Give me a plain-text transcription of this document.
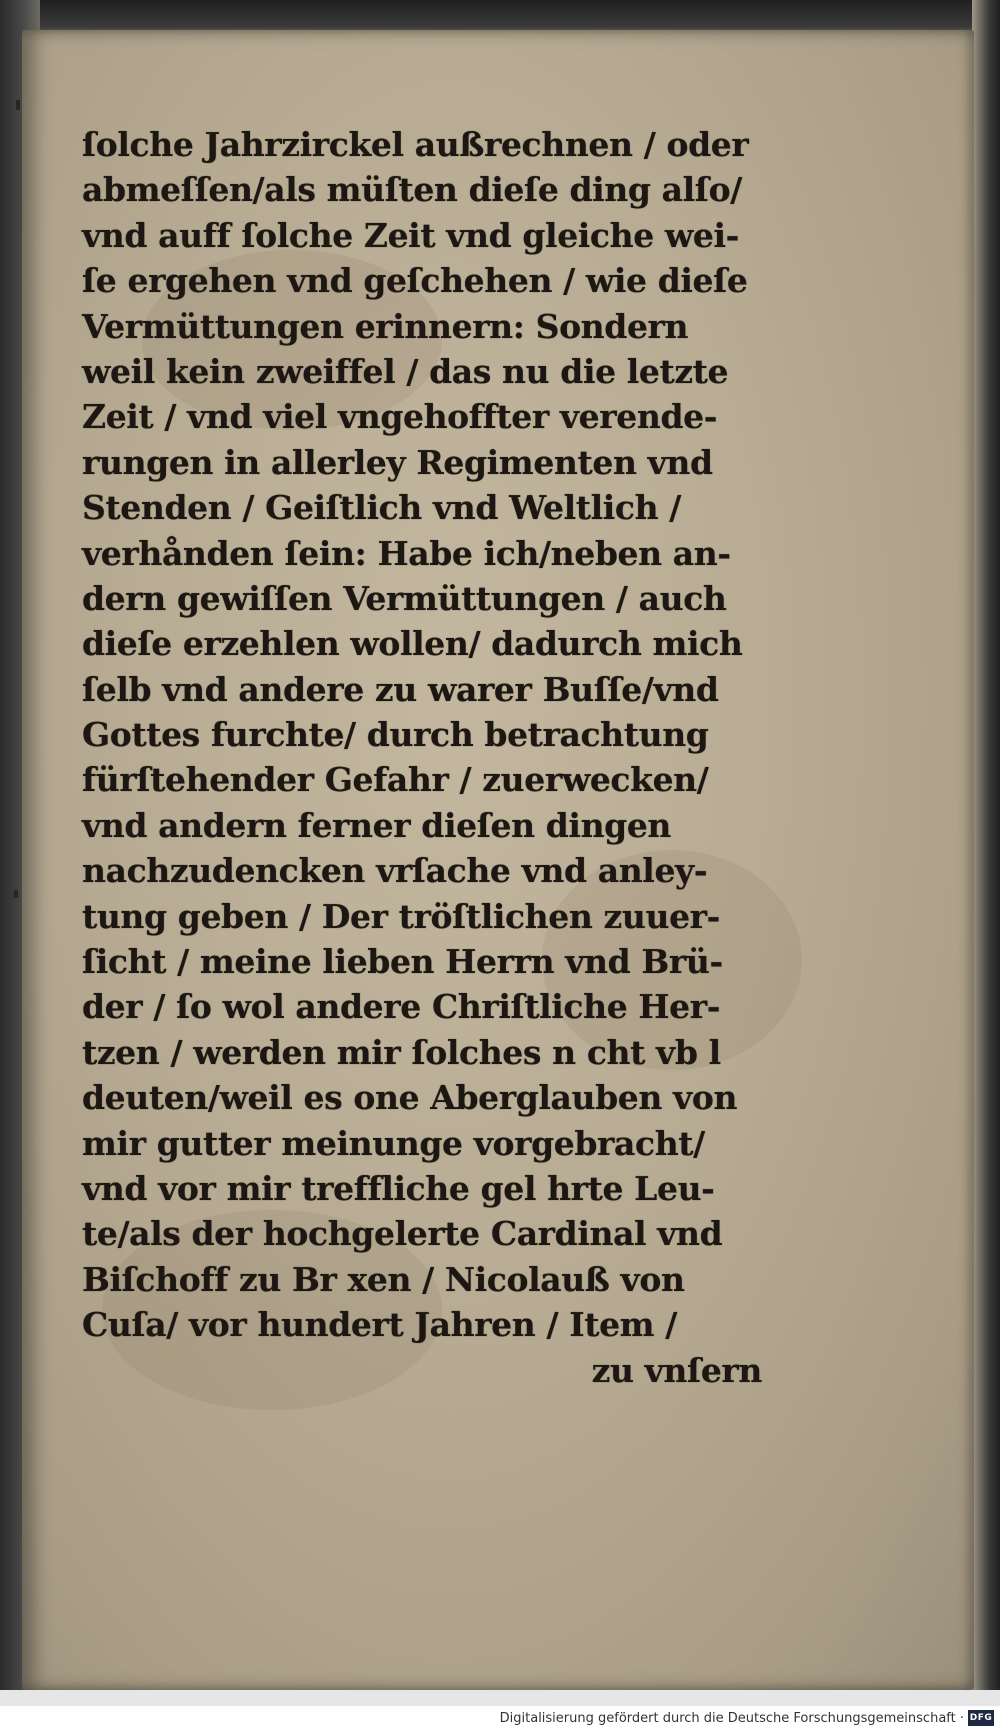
ſolche Jahrzirckel außrechnen / oder
abmeſſen/als müſten dieſe ding alſo/
vnd auff ſolche Zeit vnd gleiche wei-
ſe ergehen vnd geſchehen / wie dieſe
Vermüttungen erinnern: Sondern
weil kein zweiffel / das nu die letzte
Zeit / vnd viel vngehoffter verende-
rungen in allerley Regimenten vnd
Stenden / Geiſtlich vnd Weltlich /
verhånden ſein: Habe ich/neben an-
dern gewiſſen Vermüttungen / auch
dieſe erzehlen wollen/ dadurch mich
ſelb vnd andere zu warer Buſſe/vnd
Gottes furchte/ durch betrachtung
fürſtehender Gefahr / zuerwecken/
vnd andern ferner dieſen dingen
nachzudencken vrſache vnd anley-
tung geben / Der tröſtlichen zuuer-
ſicht / meine lieben Herrn vnd Brü-
der / ſo wol andere Chriſtliche Her-
tzen / werden mir ſolches n cht vb l
deuten/weil es one Aberglauben von
mir gutter meinunge vorgebracht/
vnd vor mir treffliche gel hrte Leu-
te/als der hochgelerte Cardinal vnd
Biſchoff zu Br xen / Nicolauß von
Cuſa/ vor hundert Jahren / Item /
zu vnſern
Digitalisierung gefördert durch die Deutsche Forschungsgemeinschaft · DFG
